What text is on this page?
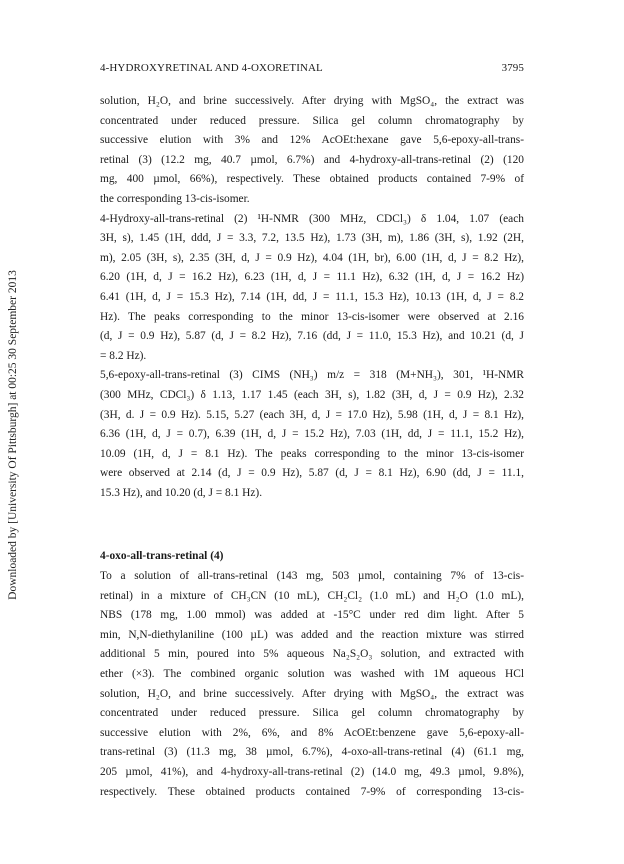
Downloaded by [University Of Pittsburgh] at 00:25 30 September 2013
4-HYDROXYRETINAL AND 4-OXORETINAL	3795

solution, H₂O, and brine successively. After drying with MgSO₄, the extract was
concentrated under reduced pressure. Silica gel column chromatography by
successive elution with 3% and 12% AcOEt:hexane gave 5,6-epoxy-all-trans-
retinal (3) (12.2 mg, 40.7 µmol, 6.7%) and 4-hydroxy-all-trans-retinal (2) (120
mg, 400 µmol, 66%), respectively. These obtained products contained 7-9% of
the corresponding 13-cis-isomer.

4-Hydroxy-all-trans-retinal (2) ¹H-NMR (300 MHz, CDCl₃) δ 1.04, 1.07 (each
3H, s), 1.45 (1H, ddd, J = 3.3, 7.2, 13.5 Hz), 1.73 (3H, m), 1.86 (3H, s), 1.92 (2H,
m), 2.05 (3H, s), 2.35 (3H, d, J = 0.9 Hz), 4.04 (1H, br), 6.00 (1H, d, J = 8.2 Hz),
6.20 (1H, d, J = 16.2 Hz), 6.23 (1H, d, J = 11.1 Hz), 6.32 (1H, d, J = 16.2 Hz)
6.41 (1H, d, J = 15.3 Hz), 7.14 (1H, dd, J = 11.1, 15.3 Hz), 10.13 (1H, d, J = 8.2
Hz). The peaks corresponding to the minor 13-cis-isomer were observed at 2.16
(d, J = 0.9 Hz), 5.87 (d, J = 8.2 Hz), 7.16 (dd, J = 11.0, 15.3 Hz), and 10.21 (d, J
= 8.2 Hz).

5,6-epoxy-all-trans-retinal (3) CIMS (NH₃) m/z = 318 (M+NH₃), 301, ¹H-NMR
(300 MHz, CDCl₃) δ 1.13, 1.17 1.45 (each 3H, s), 1.82 (3H, d, J = 0.9 Hz), 2.32
(3H, d. J = 0.9 Hz). 5.15, 5.27 (each 3H, d, J = 17.0 Hz), 5.98 (1H, d, J = 8.1 Hz),
6.36 (1H, d, J = 0.7), 6.39 (1H, d, J = 15.2 Hz), 7.03 (1H, dd, J = 11.1, 15.2 Hz),
10.09 (1H, d, J = 8.1 Hz). The peaks corresponding to the minor 13-cis-isomer
were observed at 2.14 (d, J = 0.9 Hz), 5.87 (d, J = 8.1 Hz), 6.90 (dd, J = 11.1,
15.3 Hz), and 10.20 (d, J = 8.1 Hz).

4-oxo-all-trans-retinal (4)

To a solution of all-trans-retinal (143 mg, 503 µmol, containing 7% of 13-cis-
retinal) in a mixture of CH₃CN (10 mL), CH₂Cl₂ (1.0 mL) and H₂O (1.0 mL),
NBS (178 mg, 1.00 mmol) was added at -15°C under red dim light. After 5
min, N,N-diethylaniline (100 µL) was added and the reaction mixture was stirred
additional 5 min, poured into 5% aqueous Na₂S₂O₃ solution, and extracted with
ether (×3). The combined organic solution was washed with 1M aqueous HCl
solution, H₂O, and brine successively. After drying with MgSO₄, the extract was
concentrated under reduced pressure. Silica gel column chromatography by
successive elution with 2%, 6%, and 8% AcOEt:benzene gave 5,6-epoxy-all-
trans-retinal (3) (11.3 mg, 38 µmol, 6.7%), 4-oxo-all-trans-retinal (4) (61.1 mg,
205 µmol, 41%), and 4-hydroxy-all-trans-retinal (2) (14.0 mg, 49.3 µmol, 9.8%),
respectively. These obtained products contained 7-9% of corresponding 13-cis-
